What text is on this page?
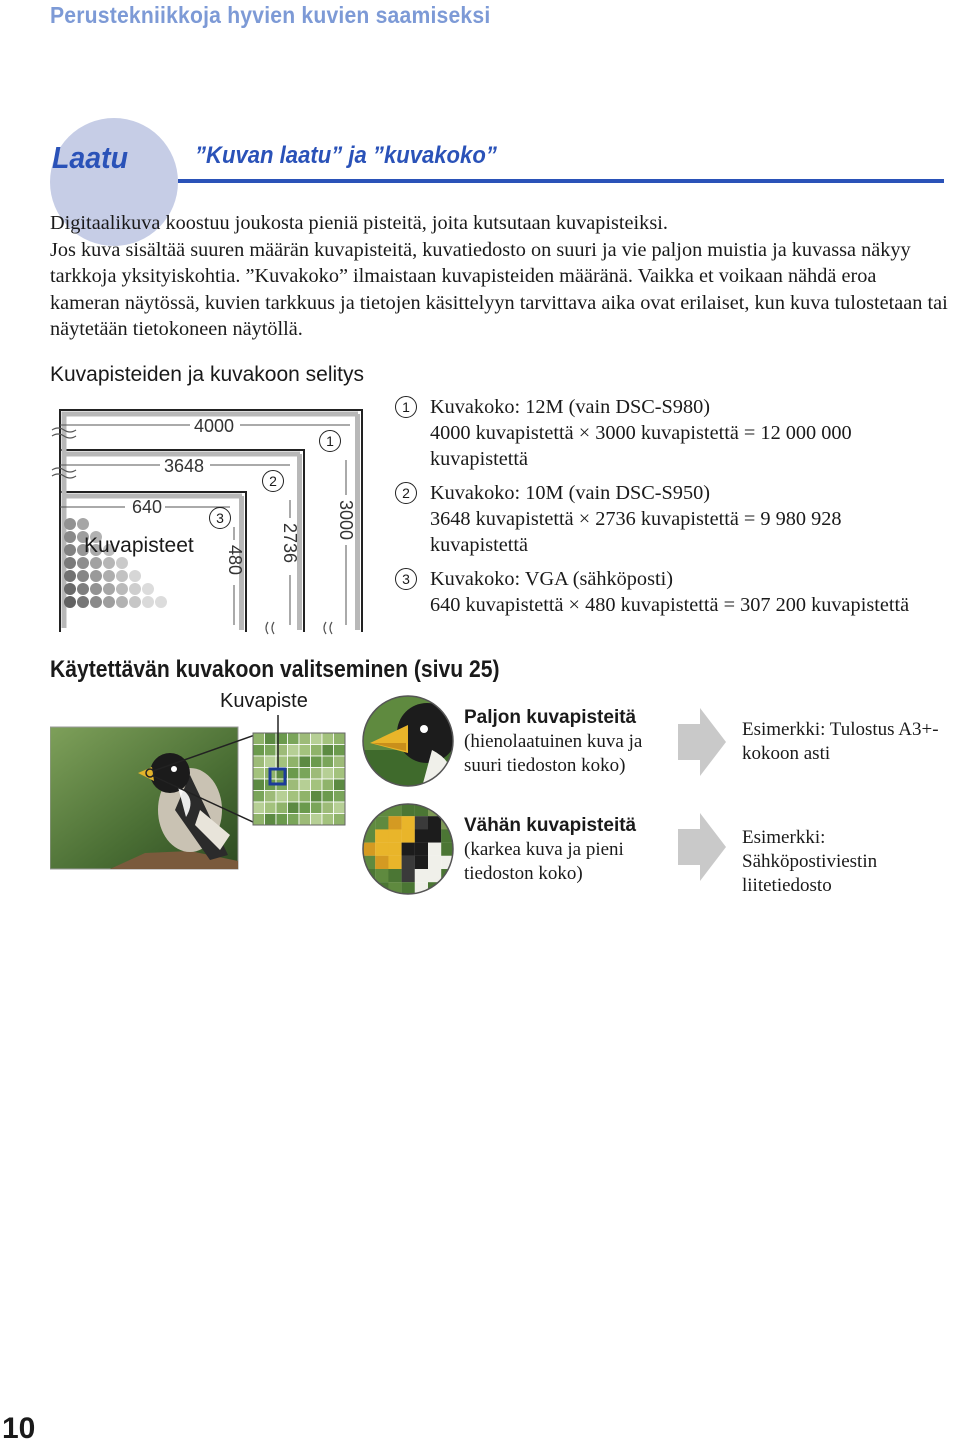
Perustekniikkoja hyvien kuvien saamiseksi
Laatu	”Kuvan laatu” ja ”kuvakoko”

Digitaalikuva koostuu joukosta pieniä pisteitä, joita kutsutaan kuvapisteiksi.

Jos kuva sisältää suuren määrän kuvapisteitä, kuvatiedosto on suuri ja vie paljon muistia ja kuvassa näkyy tarkkoja yksityiskohtia. ”Kuvakoko” ilmaistaan kuvapisteiden määränä. Vaikka et voikaan nähdä eroa kameran näytössä, kuvien tarkkuus ja tietojen käsittelyyn tarvittava aika ovat erilaiset, kun kuva tulostetaan tai näytetään tietokoneen näytöllä.

Kuvapisteiden ja kuvakoon selitys
4000
3648
640	3000
2736
480
Kuvapisteet
1
2
3
1 Kuvakoko: 12M (vain DSC-S980)
4000 kuvapistettä × 3000 kuvapistettä = 12 000 000 kuvapistettä
2 Kuvakoko: 10M (vain DSC-S950)
3648 kuvapistettä × 2736 kuvapistettä = 9 980 928 kuvapistettä
3 Kuvakoko: VGA (sähköposti)
640 kuvapistettä × 480 kuvapistettä = 307 200 kuvapistettä
Käytettävän kuvakoon valitseminen (sivu 25)
Kuvapiste
Paljon kuvapisteitä
(hienolaatuinen kuva ja suuri tiedoston koko)
Vähän kuvapisteitä
(karkea kuva ja pieni tiedoston koko)
Esimerkki: Tulostus A3+-kokoon asti
Esimerkki: Sähköpostiviestin liitetiedosto
10
